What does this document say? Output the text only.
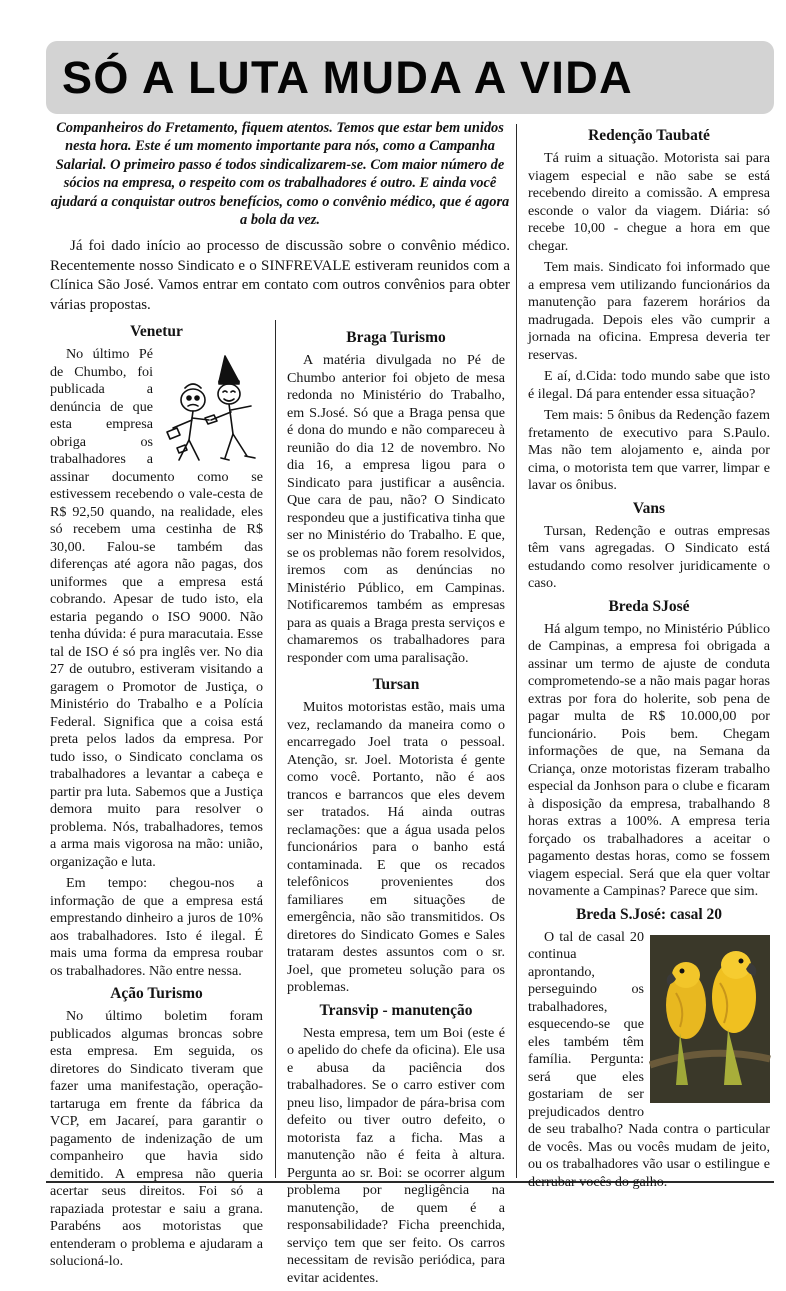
SÓ A LUTA MUDA A VIDA
Companheiros do Fretamento, fiquem atentos. Temos que estar bem unidos nesta hora. Este é um momento importante para nós, como a Campanha Salarial. O primeiro passo é todos sindicalizarem-se. Com maior número de sócios na empresa, o respeito com os trabalhadores é outro. E ainda você ajudará a conquistar outros benefícios, como o convênio médico, que é agora a bola da vez.
Já foi dado início ao processo de discussão sobre o convênio médico. Recentemente nosso Sindicato e o SINFREVALE estiveram reunidos com a Clínica São José. Vamos entrar em contato com outros convênios para obter várias propostas.
Venetur

No último Pé de Chumbo, foi publicada a denúncia de que esta empresa obriga os trabalhadores a assinar documento como se estivessem recebendo o vale-cesta de R$ 92,50 quando, na realidade, eles só recebem uma cestinha de R$ 30,00. Falou-se também das diferenças até agora não pagas, dos uniformes que a empresa está cobrando. Apesar de tudo isto, ela estaria pegando o ISO 9000. Não tenha dúvida: é pura maracutaia. Esse tal de ISO é só pra inglês ver. No dia 27 de outubro, estiveram visitando a garagem o Promotor de Justiça, o Ministério do Trabalho e a Polícia Federal. Significa que a coisa está preta pelos lados da empresa. Por tudo isso, o Sindicato conclama os trabalhadores a levantar a cabeça e partir pra luta. Sabemos que a Justiça demora muito para resolver o problema. Nós, trabalhadores, temos a arma mais vigorosa na mão: união, organização e luta.

Em tempo: chegou-nos a informação de que a empresa está emprestando dinheiro a juros de 10% aos trabalhadores. Isto é ilegal. É mais uma forma da empresa roubar os trabalhadores. Não entre nessa.

Ação Turismo

No último boletim foram publicados algumas broncas sobre esta empresa. Em seguida, os diretores do Sindicato tiveram que fazer uma manifestação, operação-tartaruga em frente da fábrica da VCP, em Jacareí, para garantir o pagamento de indenização de um companheiro que havia sido demitido. A empresa não queria acertar seus direitos. Foi só a rapaziada protestar e saiu a grana. Parabéns aos motoristas que entenderam o problema e ajudaram a solucioná-lo.

Braga Turismo

A matéria divulgada no Pé de Chumbo anterior foi objeto de mesa redonda no Ministério do Trabalho, em S.José. Só que a Braga pensa que é dona do mundo e não compareceu à reunião do dia 12 de novembro. No dia 16, a empresa ligou para o Sindicato para justificar a ausência. Que cara de pau, não? O Sindicato respondeu que a justificativa tinha que ser no Ministério do Trabalho. E que, se os problemas não forem resolvidos, iremos com as denúncias no Ministério Público, em Campinas. Notificaremos também as empresas para as quais a Braga presta serviços e chamaremos os trabalhadores para responder com uma paralisação.

Tursan

Muitos motoristas estão, mais uma vez, reclamando da maneira como o encarregado Joel trata o pessoal. Atenção, sr. Joel. Motorista é gente como você. Portanto, não é aos trancos e barrancos que eles devem ser tratados. Há ainda outras reclamações: que a água usada pelos funcionários para o banho está contaminada. E que os recados telefônicos provenientes dos familiares em situações de emergência, não são transmitidos. Os diretores do Sindicato Gomes e Sales trataram destes assuntos com o sr. Joel, que prometeu solução para os problemas.

Transvip - manutenção

Nesta empresa, tem um Boi (este é o apelido do chefe da oficina). Ele usa e abusa da paciência dos trabalhadores. Se o carro estiver com pneu liso, limpador de pára-brisa com defeito ou tiver outro defeito, o motorista faz a ficha. Mas a manutenção não é feita à altura. Pergunta ao sr. Boi: se ocorrer algum problema por negligência na manutenção, de quem é a responsabilidade? Ficha preenchida, serviço tem que ser feito. Os carros necessitam de revisão periódica, para evitar acidentes.

Redenção Taubaté

Tá ruim a situação. Motorista sai para viagem especial e não sabe se está recebendo direito a comissão. A empresa esconde o valor da viagem. Diária: só recebe 10,00 - chegue a hora em que chegar.

Tem mais. Sindicato foi informado que a empresa vem utilizando funcionários da manutenção para fazerem horários da madrugada. Depois eles vão cumprir a jornada na oficina. Empresa deveria ter reservas.

E aí, d.Cida: todo mundo sabe que isto é ilegal. Dá para entender essa situação?

Tem mais: 5 ônibus da Redenção fazem fretamento de executivo para S.Paulo. Mas não tem alojamento e, ainda por cima, o motorista tem que varrer, limpar e lavar os ônibus.

Vans

Tursan, Redenção e outras empresas têm vans agregadas. O Sindicato está estudando como resolver juridicamente o caso.

Breda SJosé

Há algum tempo, no Ministério Público de Campinas, a empresa foi obrigada a assinar um termo de ajuste de conduta comprometendo-se a não mais pagar horas extras por fora do holerite, sob pena de pagar multa de R$ 10.000,00 por funcionário. Pois bem. Chegam informações de que, na Semana da Criança, onze motoristas fizeram trabalho especial da Jonhson para o clube e ficaram à disposição da empresa, trabalhando 8 horas extras a 100%. A empresa teria forçado os trabalhadores a aceitar o pagamento destas horas, como se fossem viagem especial. Será que ela quer voltar novamente a Campinas? Parece que sim.

Breda S.José: casal 20

O tal de casal 20 continua aprontando, perseguindo os trabalhadores, esquecendo-se que eles também têm família. Pergunta: será que eles gostariam de ser prejudicados dentro de seu trabalho? Nada contra o particular de vocês. Mas ou vocês mudam de jeito, ou os trabalhadores vão usar o estilingue e derrubar vocês do galho.
